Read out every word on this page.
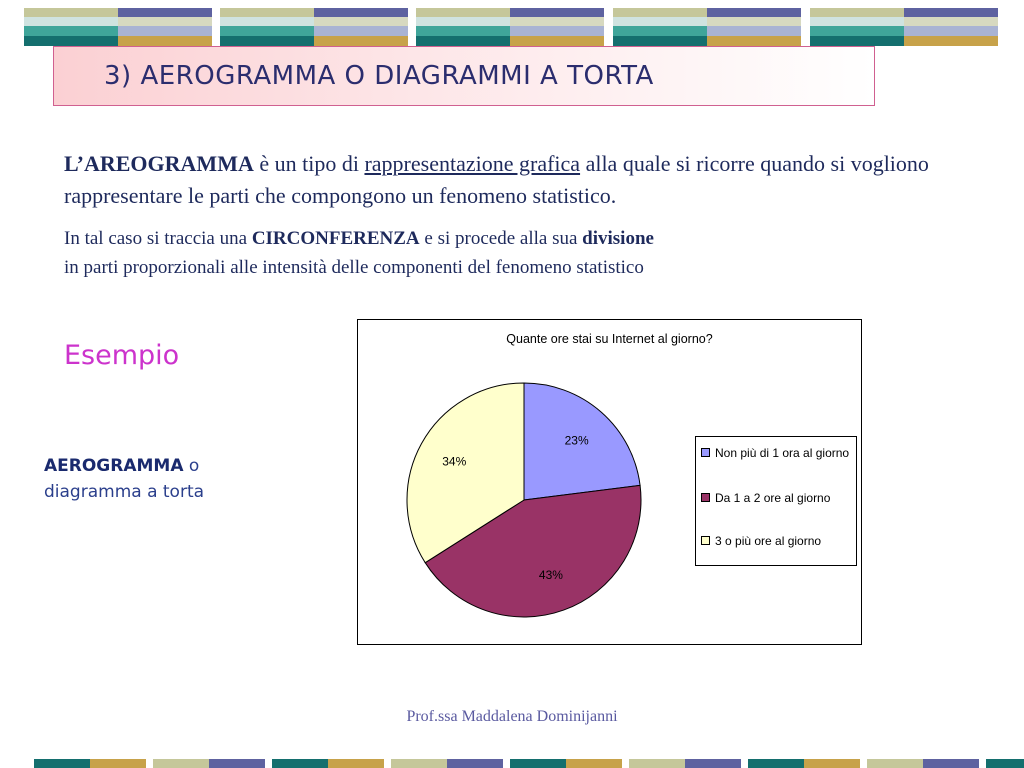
3) AEROGRAMMA O DIAGRAMMI A TORTA
L’AREOGRAMMA è un tipo di rappresentazione grafica alla quale si ricorre quando si vogliono rappresentare le parti che compongono un fenomeno statistico.
In tal caso si traccia una CIRCONFERENZA e si procede alla sua divisione
in parti proporzionali alle intensità delle componenti del fenomeno statistico
Esempio
AEROGRAMMA o
diagramma a torta
Quante ore stai su Internet al giorno?
23%
43%
34%
Non più di 1 ora al giorno
Da 1 a 2 ore al giorno
3 o più ore al giorno
Prof.ssa Maddalena Dominijanni
